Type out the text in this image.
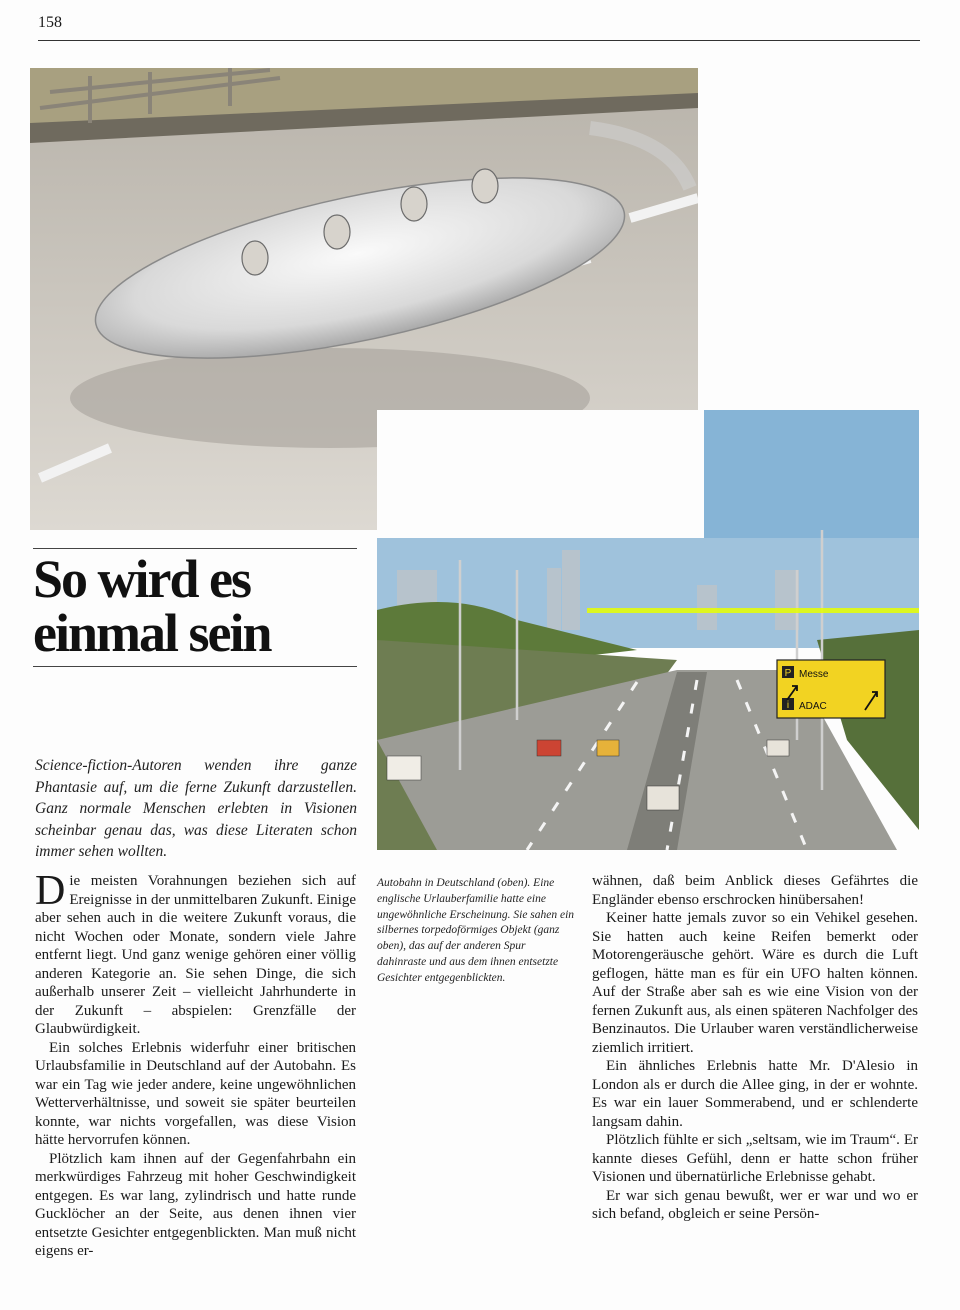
158
P
i
Messe
ADAC
So wird es
einmal sein

Science-fiction-Autoren wenden ihre ganze Phantasie auf, um die ferne Zukunft darzustellen. Ganz normale Menschen erlebten in Visionen scheinbar genau das, was diese Literaten schon immer sehen wollten.

Die meisten Vorahnungen beziehen sich auf Ereignisse in der unmittelbaren Zukunft. Einige aber sehen auch in die weitere Zukunft voraus, die nicht Wochen oder Monate, sondern viele Jahre entfernt liegt. Und ganz wenige gehören einer völlig anderen Kategorie an. Sie sehen Dinge, die sich außerhalb unserer Zeit – vielleicht Jahrhunderte in der Zukunft – abspielen: Grenzfälle der Glaubwürdigkeit.

Ein solches Erlebnis widerfuhr einer britischen Urlaubsfamilie in Deutschland auf der Autobahn. Es war ein Tag wie jeder andere, keine ungewöhnlichen Wetterverhältnisse, und soweit sie später beurteilen konnte, war nichts vorgefallen, was diese Vision hätte hervorrufen können.

Plötzlich kam ihnen auf der Gegenfahrbahn ein merkwürdiges Fahrzeug mit hoher Geschwindigkeit entgegen. Es war lang, zylindrisch und hatte runde Gucklöcher an der Seite, aus denen ihnen vier entsetzte Gesichter entgegenblickten. Man muß nicht eigens er-

Autobahn in Deutschland (oben). Eine englische Urlauberfamilie hatte eine ungewöhnliche Erscheinung. Sie sahen ein silbernes torpedoförmiges Objekt (ganz oben), das auf der anderen Spur dahinraste und aus dem ihnen entsetzte Gesichter entgegenblickten.

wähnen, daß beim Anblick dieses Gefährtes die Engländer ebenso erschrocken hinübersahen!

Keiner hatte jemals zuvor so ein Vehikel gesehen. Sie hatten auch keine Reifen bemerkt oder Motorengeräusche gehört. Wäre es durch die Luft geflogen, hätte man es für ein UFO halten können. Auf der Straße aber sah es wie eine Vision von der fernen Zukunft aus, als einen späteren Nachfolger des Benzinautos. Die Urlauber waren verständlicherweise ziemlich irritiert.

Ein ähnliches Erlebnis hatte Mr. D'Alesio in London als er durch die Allee ging, in der er wohnte. Es war ein lauer Sommerabend, und er schlenderte langsam dahin.

Plötzlich fühlte er sich „seltsam, wie im Traum“. Er kannte dieses Gefühl, denn er hatte schon früher Visionen und übernatürliche Erlebnisse gehabt.

Er war sich genau bewußt, wer er war und wo er sich befand, obgleich er seine Persön-
